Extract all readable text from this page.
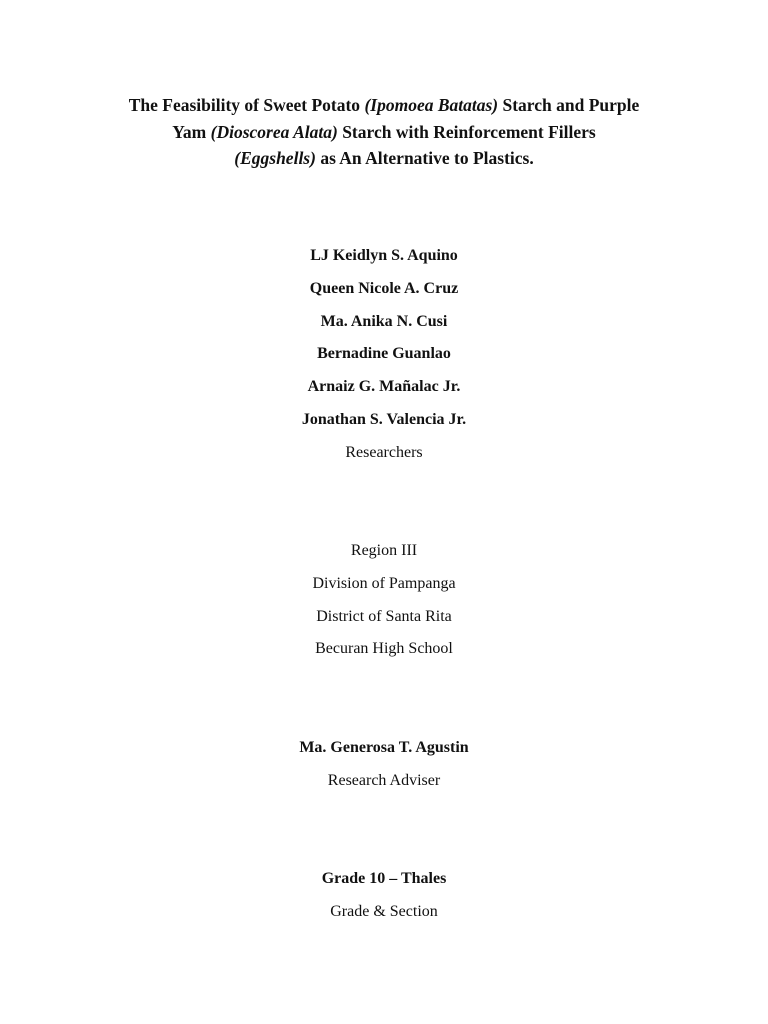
The Feasibility of Sweet Potato (Ipomoea Batatas) Starch and Purple
Yam (Dioscorea Alata) Starch with Reinforcement Fillers
(Eggshells) as An Alternative to Plastics.
LJ Keidlyn S. Aquino
Queen Nicole A. Cruz
Ma. Anika N. Cusi
Bernadine Guanlao
Arnaiz G. Mañalac Jr.
Jonathan S. Valencia Jr.
Researchers
Region III
Division of Pampanga
District of Santa Rita
Becuran High School
Ma. Generosa T. Agustin
Research Adviser
Grade 10 – Thales
Grade & Section
